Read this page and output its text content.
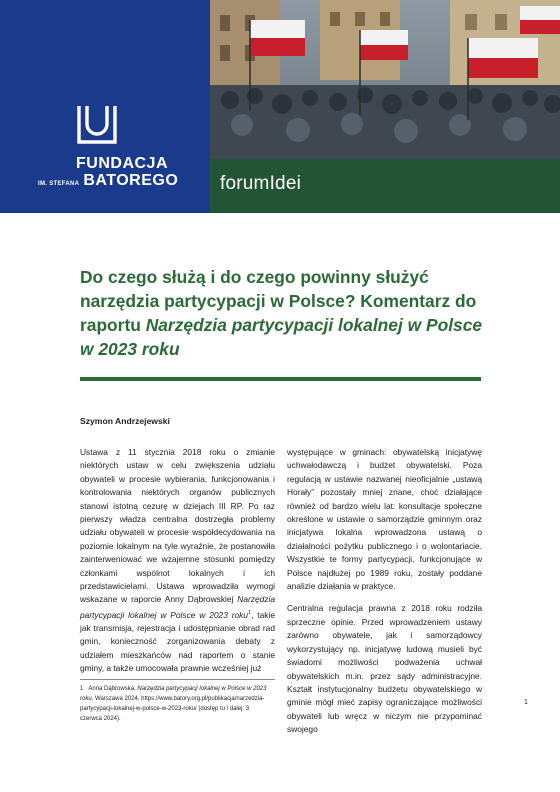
FUNDACJA
IM. STEFANA BATOREGO forumIdei
Do czego służą i do czego powinny służyć narzędzia partycypacji w Polsce? Komentarz do raportu Narzędzia partycypacji lokalnej w Polsce w 2023 roku
Szymon Andrzejewski

Ustawa z 11 stycznia 2018 roku o zmianie niektórych ustaw w celu zwiększenia udziału obywateli w procesie wybierania, funkcjonowania i kontrolowania niektórych organów publicznych stanowi istotną cezurę w dziejach III RP. Po raz pierwszy władza centralna dostrzegła problemy udziału obywateli w procesie współdecydowania na poziomie lokalnym na tyle wyraźnie, że postanowiła zainterweniować we wzajemne stosunki pomiędzy członkami wspólnot lokalnych i ich przedstawicielami. Ustawa wprowadziła wymogi wskazane w raporcie Anny Dąbrowskiej Narzędzia partycypacji lokalnej w Polsce w 2023 roku$^1$, takie jak transmisja, rejestracja i udostępnianie obrad rad gmin, konieczność zorganizowania debaty z udziałem mieszkańców nad raportem o stanie gminy, a także umocowała prawnie wcześniej już

występujące w gminach: obywatelską inicjatywę uchwałodawczą i budżet obywatelski. Poza regulacją w ustawie nazwanej nieoficjalnie „ustawą Horały” pozostały mniej znane, choć działające również od bardzo wielu lat: konsultacje społeczne określone w ustawie o samorządzie gminnym oraz inicjatywa lokalna wprowadzona ustawą o działalności pożytku publicznego i o wolontariacie. Wszystkie te formy partycypacji, funkcjonujące w Polsce najdłużej po 1989 roku, zostały poddane analizie działania w praktyce.

Centralna regulacja prawna z 2018 roku rodziła sprzeczne opinie. Przed wprowadzeniem ustawy zarówno obywatele, jak i samorządowcy wykorzystujący np. inicjatywę ludową musieli być świadomi możliwości podważenia uchwał obywatelskich m.in. przez sądy administracyjne. Kształt instytucjonalny budżetu obywatelskiego w gminie mógł mieć zapisy ograniczające możliwości obywateli lub wręcz w niczym nie przypominać swojego

1 Anna Dąbrowska, Narzędzia partycypacji lokalnej w Polsce w 2023 roku, Warszawa 2024, https://www.batory.org.pl/publikacja/narzedzia-partycypacji-lokalnej-w-polsce-w-2023-roku/ (dostęp tu i dalej: 3 czerwca 2024).
1
